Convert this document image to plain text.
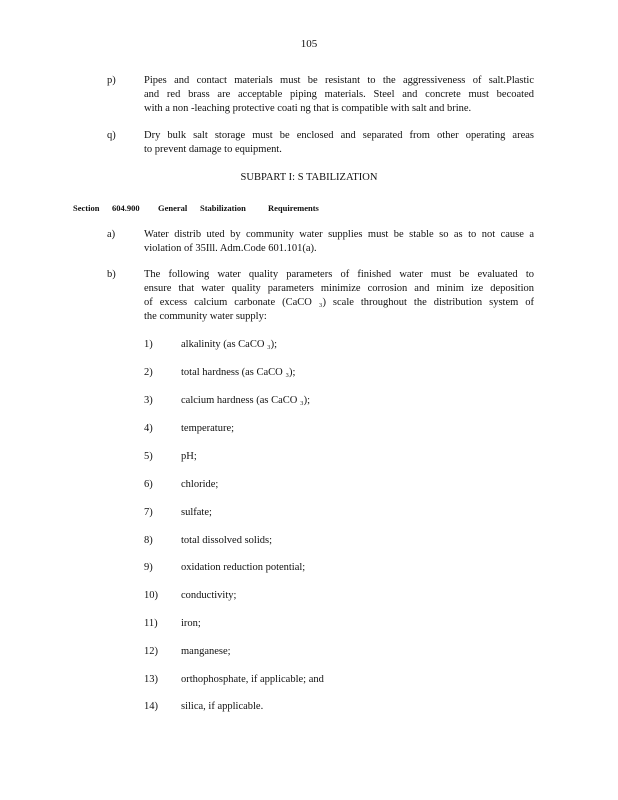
105
p)	Pipes and contact materials must be resistant to the aggressiveness of salt.Plastic
and red brass are acceptable piping materials. Steel and concrete must becoated
with a non -leaching protective coati ng that is compatible with salt and brine.
q)	Dry bulk salt storage must be enclosed and separated from other operating areas
to prevent damage to equipment.
SUBPART I: S TABILIZATION
Section 604.900 General Stabilization	Requirements
a)	Water distrib uted by community water supplies must be stable so as to not cause a
violation of 35Ill. Adm.Code 601.101(a).
b)	The following water quality parameters of finished water must be evaluated to
ensure that water quality parameters minimize corrosion and minim ize deposition
of excess calcium carbonate (CaCO ₃) scale throughout the distribution system of
the community water supply:
1)	alkalinity (as CaCO ₃);
2)	total hardness (as CaCO ₃);
3)	calcium hardness (as CaCO ₃);
4)	temperature;
5)	pH;
6)	chloride;
7)	sulfate;
8)	total dissolved solids;
9)	oxidation reduction potential;
10) conductivity;
11) iron;
12) manganese;
13) orthophosphate, if applicable; and
14) silica, if applicable.
